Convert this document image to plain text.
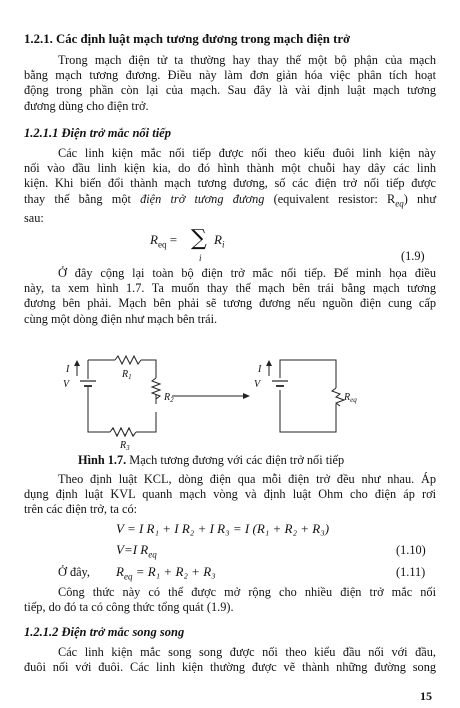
1.2.1. Các định luật mạch tương đương trong mạch điện trở
Trong mạch điện tử ta thường hay thay thế một bộ phận của mạch
bằng mạch tương đương. Điều này làm đơn giản hóa việc phân tích hoạt
động trong phần còn lại của mạch. Sau đây là vài định luật mạch tương
đương dùng cho điện trở.
1.2.1.1 Điện trở mắc nối tiếp
Các linh kiện mắc nối tiếp được nối theo kiểu đuôi linh kiện này
nối vào đầu linh kiện kia, do đó hình thành một chuỗi hay dây các linh
kiện. Khi biến đổi thành mạch tương đương, số các điện trở nối tiếp được
thay thế bằng một điện trở tương đương (equivalent resistor: $R_{eq}$) như
sau:
$R_{eq}$ = ∑
i
$R_i$
(1.9)
Ở đây cộng lại toàn bộ điện trở mắc nối tiếp. Để minh họa điều
này, ta xem hình 1.7. Ta muốn thay thế mạch bên trái bằng mạch tương
đương bên phải. Mạch bên phải sẽ tương đương nếu nguồn điện cung cấp
cùng một dòng điện như mạch bên trái.
I
V
$R_1$
$R_2$
$R_3$
I
V
$R_{eq}$
Hình 1.7. Mạch tương đương với các điện trở nối tiếp
Theo định luật KCL, dòng điện qua mỗi điện trở đều như nhau. Áp
dụng định luật KVL quanh mạch vòng và định luật Ohm cho điện áp rơi
trên các điện trở, ta có:
V = I R₁ + I R₂ + I R₃ = I (R₁ + R₂ + R₃)
V=I $R_{eq}$	(1.10)
Ở đây, $R_{eq} = R_1 + R_2 + R_3$	(1.11)
Công thức này có thể được mở rộng cho nhiều điện trở mắc nối
tiếp, do đó ta có công thức tổng quát (1.9).
1.2.1.2 Điện trở mắc song song
Các linh kiện mắc song song được nối theo kiểu đầu nối với đầu,
đuôi nối với đuôi. Các linh kiện thường được vẽ thành những đường song
15
